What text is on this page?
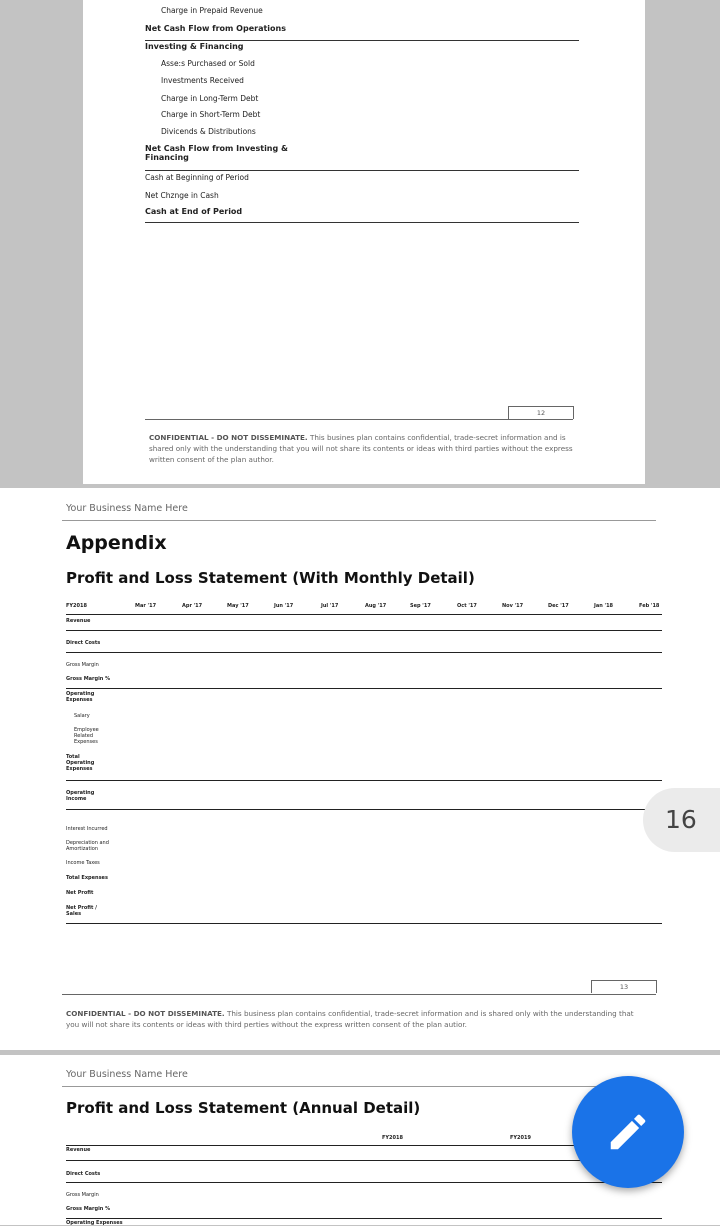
Charge in Prepaid Revenue
Net Cash Flow from Operations
Investing & Financing
Asse:s Purchased or Sold
Investments Received
Charge in Long-Term Debt
Charge in Short-Term Debt
Divicends & Distributions
Net Cash Flow from Investing & Financing
Cash at Beginning of Period
Net Chznge in Cash
Cash at End of Period
12
CONFIDENTIAL - DO NOT DISSEMINATE. This busines plan contains confidential, trade-secret information and is shared only with the understanding that you will not share its contents or ideas with third parties without the express written consent of the plan author.
Your Business Name Here
Appendix
Profit and Loss Statement (With Monthly Detail)
FY2018	Mar '17	Apr '17	May '17	Jun '17	Jul '17	Aug '17	Sep '17	Oct '17	Nov '17	Dec '17	Jan '18	Feb '18
Revenue
Direct Costs
Gross Margin
Gross Margin %
Operating Expenses
Salary
Employee Related Expenses
Total Operating Expenses
Operating Income
Interest Incurred
Depreciation and Amortization
Income Taxes
Total Expenses
Net Profit
Net Profit / Sales
13
CONFIDENTIAL - DO NOT DISSEMINATE. This business plan contains confidential, trade-secret information and is shared only with the understanding that you will not share its contents or ideas with third perties without the express written consent of the plan autior.
Your Business Name Here
Profit and Loss Statement (Annual Detail)
FY2018	FY2019
Revenue
Direct Costs
Gross Margin
Gross Margin %
Operating Expenses
16
